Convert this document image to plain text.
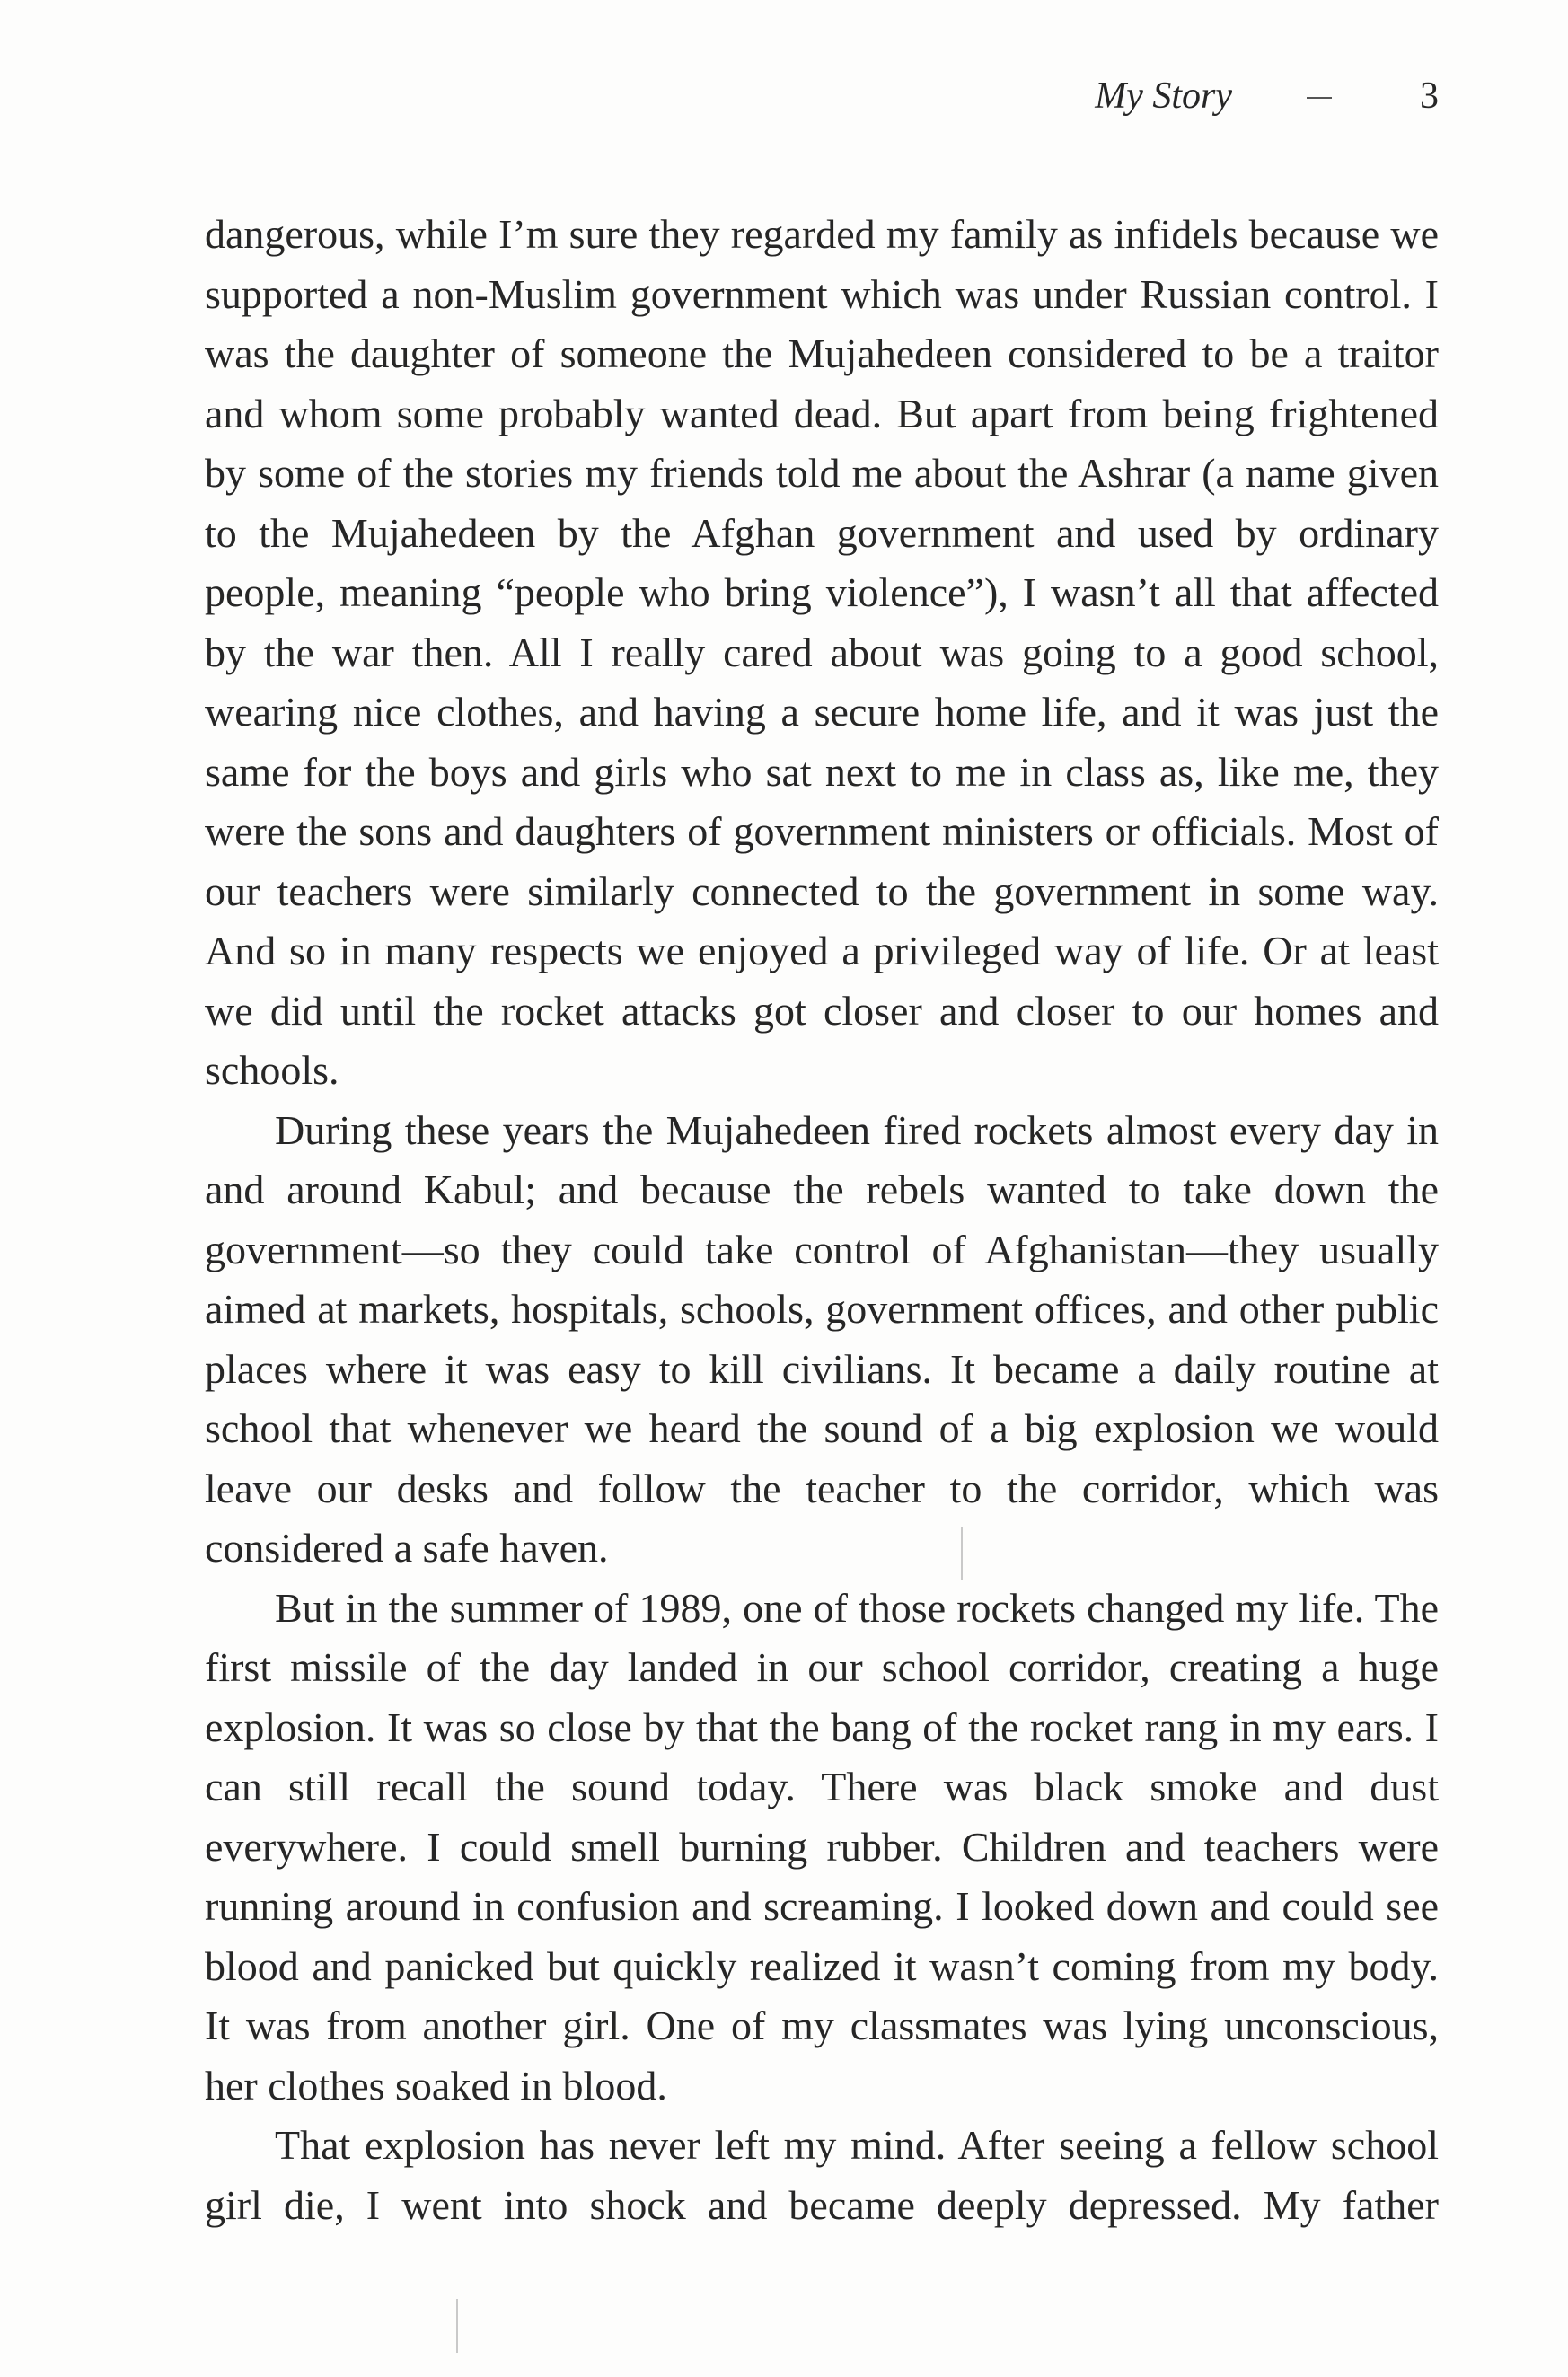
My Story	3

dangerous, while I’m sure they regarded my family as infidels because we supported a non-Muslim government which was under Russian control. I was the daughter of someone the Mujahedeen considered to be a traitor and whom some probably wanted dead. But apart from being frightened by some of the stories my friends told me about the Ashrar (a name given to the Mujahedeen by the Afghan government and used by ordinary people, meaning “people who bring violence”), I wasn’t all that affected by the war then. All I really cared about was going to a good school, wearing nice clothes, and having a secure home life, and it was just the same for the boys and girls who sat next to me in class as, like me, they were the sons and daughters of government ministers or officials. Most of our teachers were similarly connected to the government in some way. And so in many respects we enjoyed a privileged way of life. Or at least we did until the rocket attacks got closer and closer to our homes and schools.

During these years the Mujahedeen fired rockets almost every day in and around Kabul; and because the rebels wanted to take down the government—so they could take control of Afghanistan—they usually aimed at markets, hospitals, schools, government offices, and other public places where it was easy to kill civilians. It became a daily routine at school that whenever we heard the sound of a big explosion we would leave our desks and follow the teacher to the corridor, which was considered a safe haven.

But in the summer of 1989, one of those rockets changed my life. The first missile of the day landed in our school corridor, creating a huge explosion. It was so close by that the bang of the rocket rang in my ears. I can still recall the sound today. There was black smoke and dust everywhere. I could smell burning rubber. Children and teachers were running around in confusion and screaming. I looked down and could see blood and panicked but quickly realized it wasn’t coming from my body. It was from another girl. One of my classmates was lying unconscious, her clothes soaked in blood.

That explosion has never left my mind. After seeing a fellow school girl die, I went into shock and became deeply depressed. My father
